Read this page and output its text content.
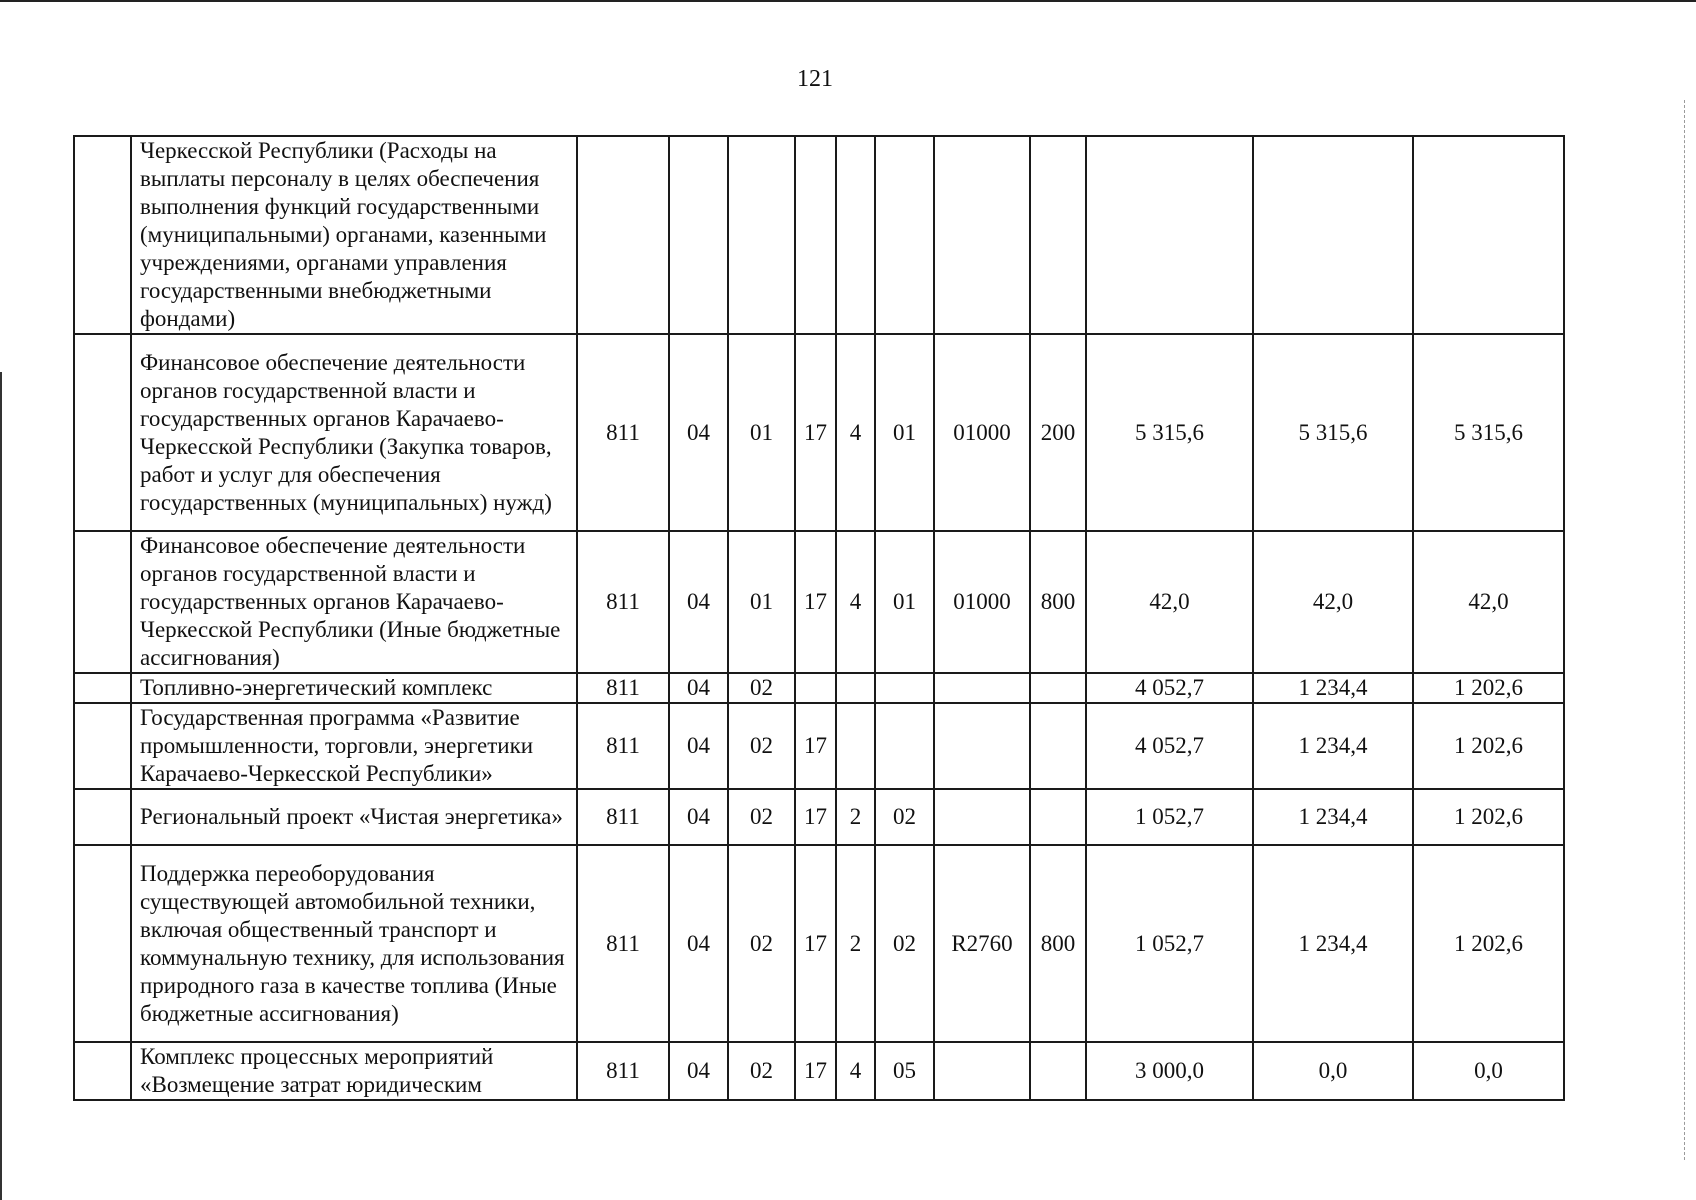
121
	Черкесской Республики (Расходы на выплаты персоналу в целях обеспечения выполнения функций государственными (муниципальными) органами, казенными учреждениями, органами управления государственными внебюджетными фондами)											
	Финансовое обеспечение деятельности органов государственной власти и государственных органов Карачаево-Черкесской Республики (Закупка товаров, работ и услуг для обеспечения государственных (муниципальных) нужд)	811	04	01	17	4	01	01000	200	5 315,6	5 315,6	5 315,6
	Финансовое обеспечение деятельности органов государственной власти и государственных органов Карачаево-Черкесской Республики (Иные бюджетные ассигнования)	811	04	01	17	4	01	01000	800	42,0	42,0	42,0
	Топливно-энергетический комплекс	811	04	02						4 052,7	1 234,4	1 202,6
	Государственная программа «Развитие промышленности, торговли, энергетики Карачаево-Черкесской Республики»	811	04	02	17					4 052,7	1 234,4	1 202,6
	Региональный проект «Чистая энергетика»	811	04	02	17	2	02			1 052,7	1 234,4	1 202,6
	Поддержка переоборудования существующей автомобильной техники, включая общественный транспорт и коммунальную технику, для использования природного газа в качестве топлива (Иные бюджетные ассигнования)	811	04	02	17	2	02	R2760	800	1 052,7	1 234,4	1 202,6
	Комплекс процессных мероприятий «Возмещение затрат юридическим	811	04	02	17	4	05			3 000,0	0,0	0,0
